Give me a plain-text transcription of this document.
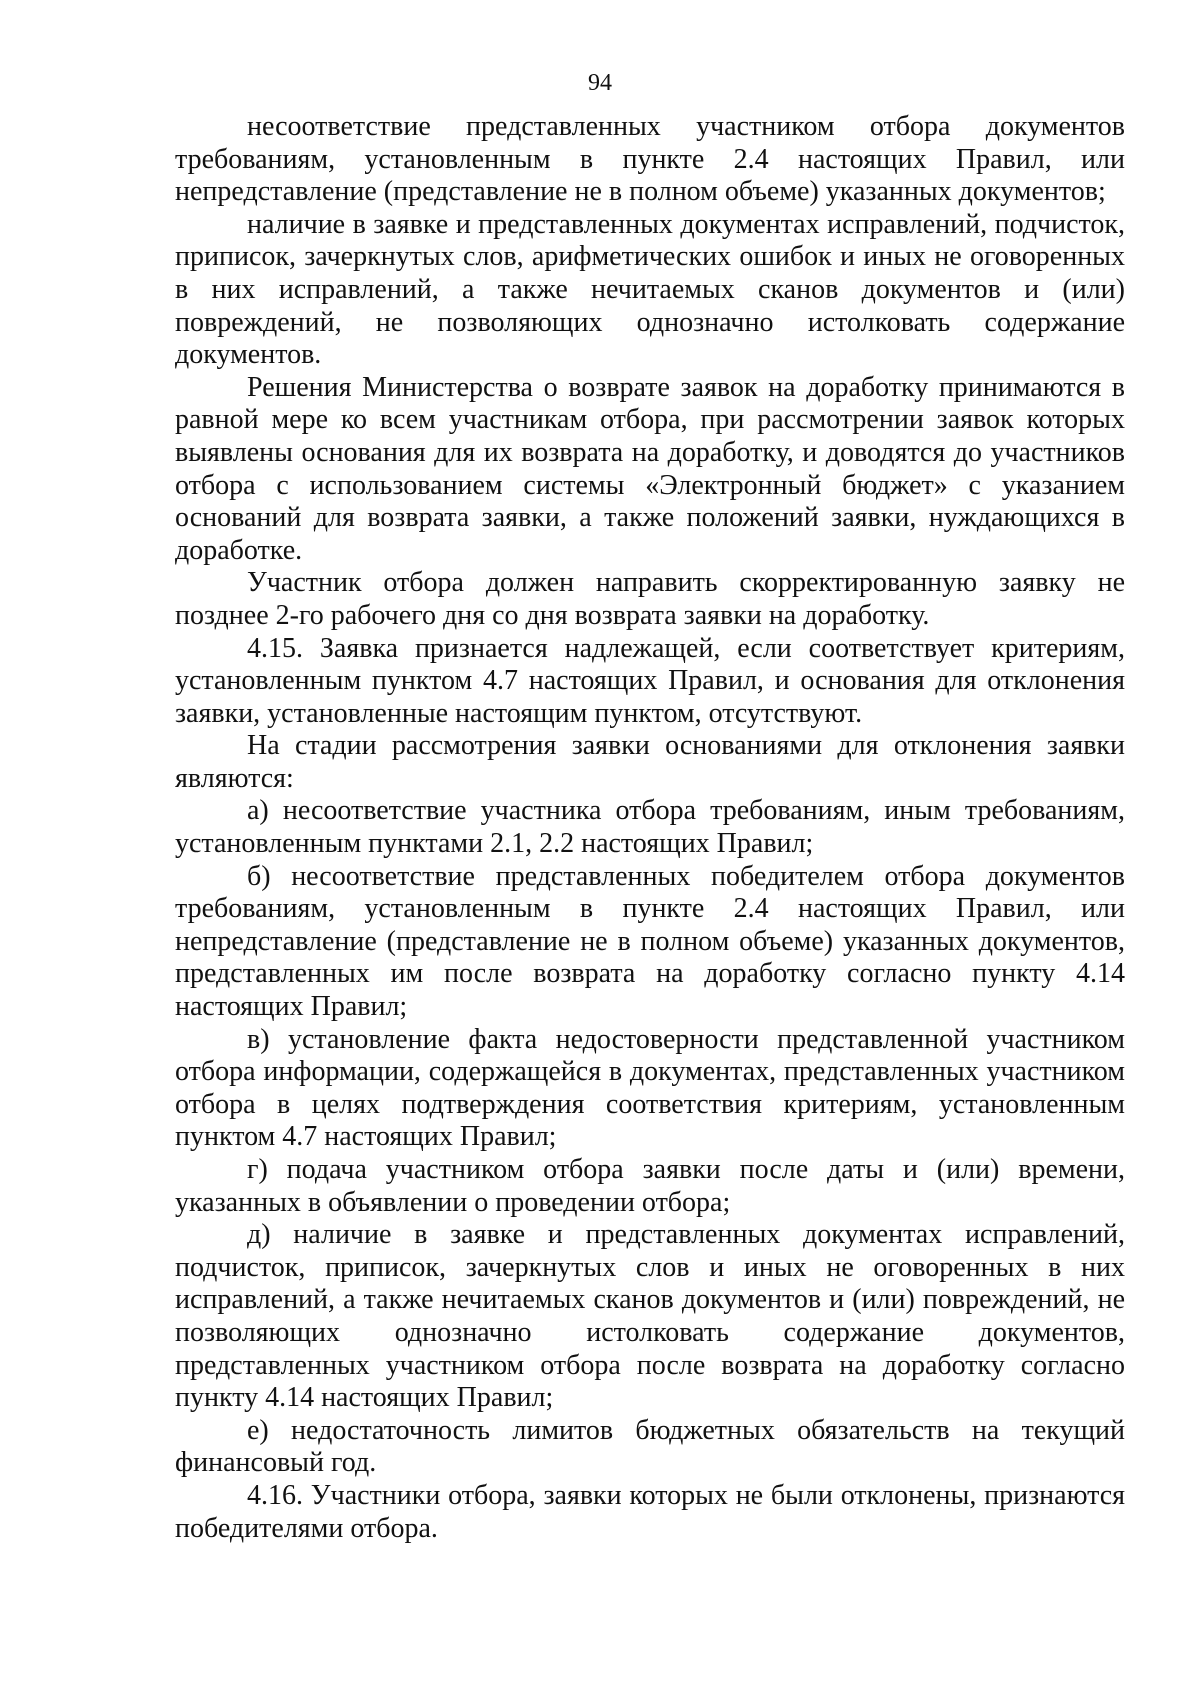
94

несоответствие представленных участником отбора документов требованиям, установленным в пункте 2.4 настоящих Правил, или непредставление (представление не в полном объеме) указанных документов;

наличие в заявке и представленных документах исправлений, подчисток, приписок, зачеркнутых слов, арифметических ошибок и иных не оговоренных в них исправлений, а также нечитаемых сканов документов и (или) повреждений, не позволяющих однозначно истолковать содержание документов.

Решения Министерства о возврате заявок на доработку принимаются в равной мере ко всем участникам отбора, при рассмотрении заявок которых выявлены основания для их возврата на доработку, и доводятся до участников отбора с использованием системы «Электронный бюджет» с указанием оснований для возврата заявки, а также положений заявки, нуждающихся в доработке.

Участник отбора должен направить скорректированную заявку не позднее 2-го рабочего дня со дня возврата заявки на доработку.

4.15. Заявка признается надлежащей, если соответствует критериям, установленным пунктом 4.7 настоящих Правил, и основания для отклонения заявки, установленные настоящим пунктом, отсутствуют.

На стадии рассмотрения заявки основаниями для отклонения заявки являются:

а) несоответствие участника отбора требованиям, иным требованиям, установленным пунктами 2.1, 2.2 настоящих Правил;

б) несоответствие представленных победителем отбора документов требованиям, установленным в пункте 2.4 настоящих Правил, или непредставление (представление не в полном объеме) указанных документов, представленных им после возврата на доработку согласно пункту 4.14 настоящих Правил;

в) установление факта недостоверности представленной участником отбора информации, содержащейся в документах, представленных участником отбора в целях подтверждения соответствия критериям, установленным пунктом 4.7 настоящих Правил;

г) подача участником отбора заявки после даты и (или) времени, указанных в объявлении о проведении отбора;

д) наличие в заявке и представленных документах исправлений, подчисток, приписок, зачеркнутых слов и иных не оговоренных в них исправлений, а также нечитаемых сканов документов и (или) повреждений, не позволяющих однозначно истолковать содержание документов, представленных участником отбора после возврата на доработку согласно пункту 4.14 настоящих Правил;

е) недостаточность лимитов бюджетных обязательств на текущий финансовый год.

4.16. Участники отбора, заявки которых не были отклонены, признаются победителями отбора.
